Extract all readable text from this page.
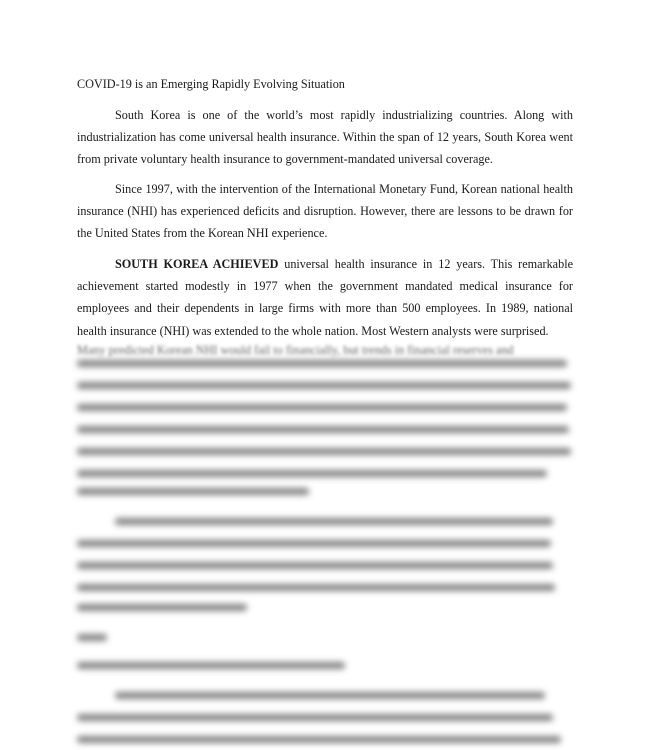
COVID-19 is an Emerging Rapidly Evolving Situation
South Korea is one of the world’s most rapidly industrializing countries. Along with industrialization has come universal health insurance. Within the span of 12 years, South Korea went from private voluntary health insurance to government-mandated universal coverage.
Since 1997, with the intervention of the International Monetary Fund, Korean national health insurance (NHI) has experienced deficits and disruption. However, there are lessons to be drawn for the United States from the Korean NHI experience.
SOUTH KOREA ACHIEVED universal health insurance in 12 years. This remarkable achievement started modestly in 1977 when the government mandated medical insurance for employees and their dependents in large firms with more than 500 employees. In 1989, national health insurance (NHI) was extended to the whole nation. Most Western analysts were surprised.
Many predicted Korean NHI would fail to financially, but trends in financial reserves and
